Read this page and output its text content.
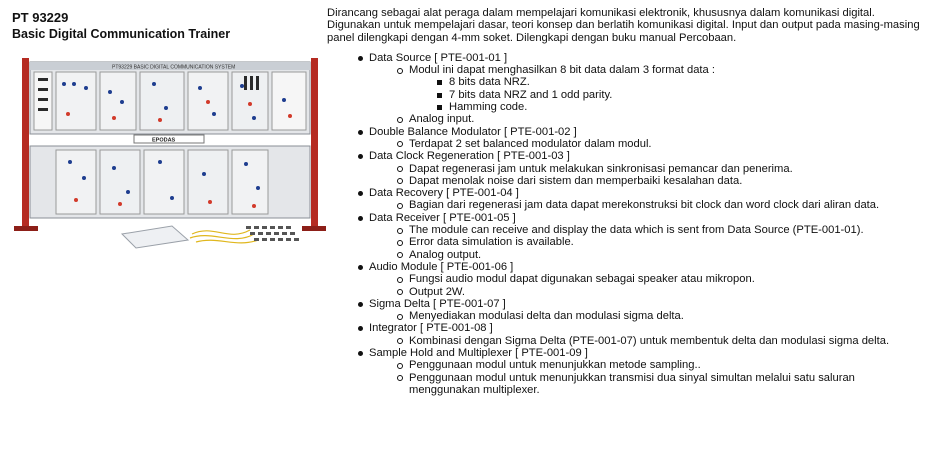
PT 93229
Basic Digital Communication Trainer
PT93229 BASIC DIGITAL COMMUNICATION SYSTEM
EPODAS

Dirancang sebagai alat peraga dalam mempelajari komunikasi elektronik, khususnya dalam komunikasi digital. Digunakan untuk mempelajari dasar, teori konsep dan berlatih komunikasi digital. Input dan output pada masing-masing panel dilengkapi dengan 4-mm soket. Dilengkapi dengan buku manual Percobaan.

Data Source [ PTE-001-01 ]
Modul ini dapat menghasilkan 8 bit data dalam 3 format data :
8 bits data NRZ.
7 bits data NRZ and 1 odd parity.
Hamming code.
Analog input.
Double Balance Modulator [ PTE-001-02 ]
Terdapat 2 set balanced modulator dalam modul.
Data Clock Regeneration [ PTE-001-03 ]
Dapat regenerasi jam untuk melakukan sinkronisasi pemancar dan penerima.
Dapat menolak noise dari sistem dan memperbaiki kesalahan data.
Data Recovery [ PTE-001-04 ]
Bagian dari regenerasi jam data dapat merekonstruksi bit clock dan word clock dari aliran data.
Data Receiver [ PTE-001-05 ]
The module can receive and display the data which is sent from Data Source (PTE-001-01).
Error data simulation is available.
Analog output.
Audio Module [ PTE-001-06 ]
Fungsi audio modul dapat digunakan sebagai speaker atau mikropon.
Output 2W.
Sigma Delta [ PTE-001-07 ]
Menyediakan modulasi delta dan modulasi sigma delta.
Integrator [ PTE-001-08 ]
Kombinasi dengan Sigma Delta (PTE-001-07) untuk membentuk delta dan modulasi sigma delta.
Sample Hold and Multiplexer [ PTE-001-09 ]
Penggunaan modul untuk menunjukkan metode sampling..
Penggunaan modul untuk menunjukkan transmisi dua sinyal simultan melalui satu saluran menggunakan multiplexer.
